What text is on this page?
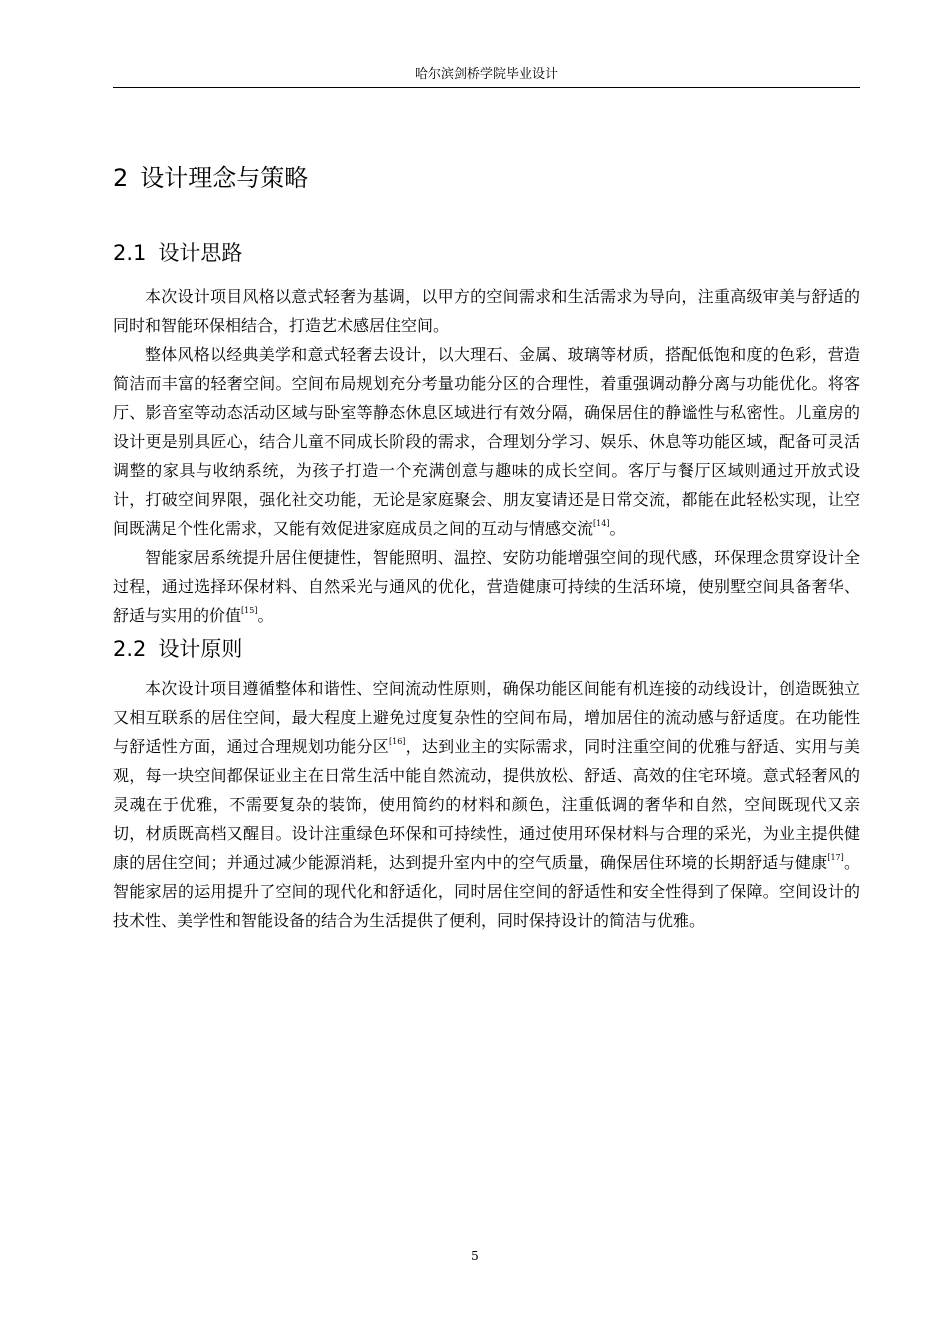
哈尔滨剑桥学院毕业设计
2 设计理念与策略
2.1 设计思路

本次设计项目风格以意式轻奢为基调，以甲方的空间需求和生活需求为导向，注重高级审美与舒适的同时和智能环保相结合，打造艺术感居住空间。

整体风格以经典美学和意式轻奢去设计，以大理石、金属、玻璃等材质，搭配低饱和度的色彩，营造简洁而丰富的轻奢空间。空间布局规划充分考量功能分区的合理性，着重强调动静分离与功能优化。将客厅、影音室等动态活动区域与卧室等静态休息区域进行有效分隔，确保居住的静谧性与私密性。儿童房的设计更是别具匠心，结合儿童不同成长阶段的需求，合理划分学习、娱乐、休息等功能区域，配备可灵活调整的家具与收纳系统，为孩子打造一个充满创意与趣味的成长空间。客厅与餐厅区域则通过开放式设计，打破空间界限，强化社交功能，无论是家庭聚会、朋友宴请还是日常交流，都能在此轻松实现，让空间既满足个性化需求，又能有效促进家庭成员之间的互动与情感交流[14]。

智能家居系统提升居住便捷性，智能照明、温控、安防功能增强空间的现代感，环保理念贯穿设计全过程，通过选择环保材料、自然采光与通风的优化，营造健康可持续的生活环境，使别墅空间具备奢华、舒适与实用的价值[15]。

2.2 设计原则

本次设计项目遵循整体和谐性、空间流动性原则，确保功能区间能有机连接的动线设计，创造既独立又相互联系的居住空间，最大程度上避免过度复杂性的空间布局，增加居住的流动感与舒适度。在功能性与舒适性方面，通过合理规划功能分区[16]，达到业主的实际需求，同时注重空间的优雅与舒适、实用与美观，每一块空间都保证业主在日常生活中能自然流动，提供放松、舒适、高效的住宅环境。意式轻奢风的灵魂在于优雅，不需要复杂的装饰，使用简约的材料和颜色，注重低调的奢华和自然，空间既现代又亲切，材质既高档又醒目。设计注重绿色环保和可持续性，通过使用环保材料与合理的采光，为业主提供健康的居住空间；并通过减少能源消耗，达到提升室内中的空气质量，确保居住环境的长期舒适与健康[17]。智能家居的运用提升了空间的现代化和舒适化，同时居住空间的舒适性和安全性得到了保障。空间设计的技术性、美学性和智能设备的结合为生活提供了便利，同时保持设计的简洁与优雅。

5
